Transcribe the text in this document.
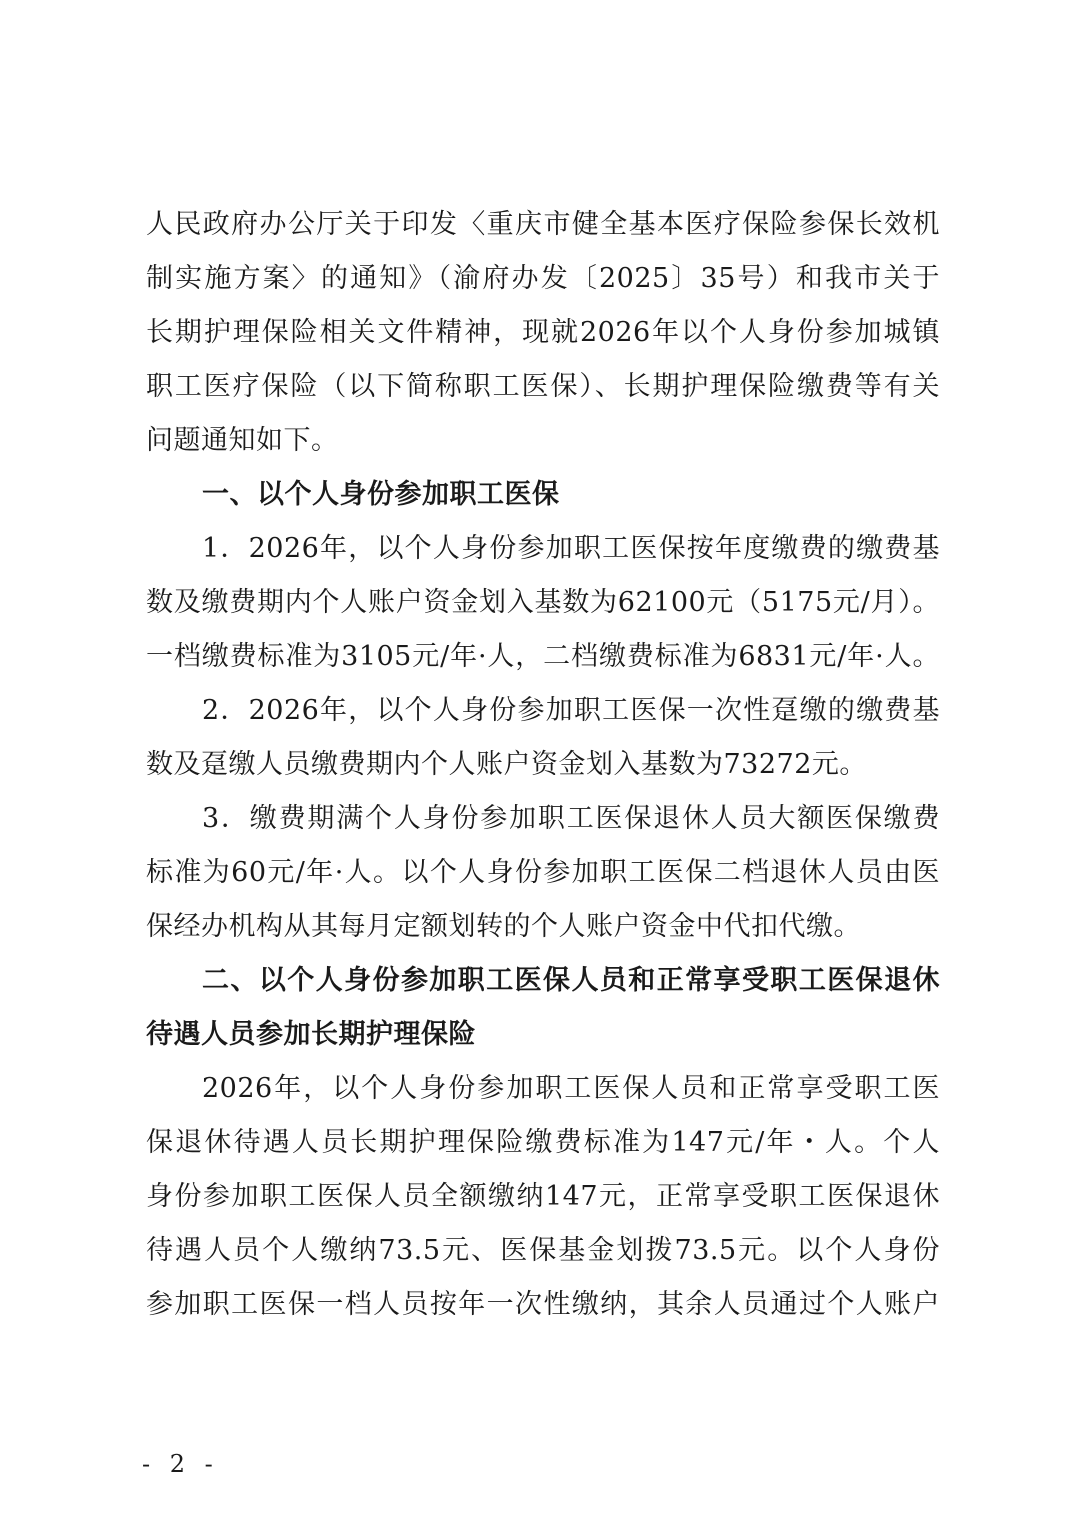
人民政府办公厅关于印发〈重庆市健全基本医疗保险参保长效机
制实施方案〉的通知》（渝府办发〔2025〕35号）和我市关于
长期护理保险相关文件精神，现就2026年以个人身份参加城镇
职工医疗保险（以下简称职工医保）、长期护理保险缴费等有关
问题通知如下。
一、以个人身份参加职工医保
1．2026年，以个人身份参加职工医保按年度缴费的缴费基
数及缴费期内个人账户资金划入基数为62100元（5175元/月）。
一档缴费标准为3105元/年·人，二档缴费标准为6831元/年·人。
2．2026年，以个人身份参加职工医保一次性趸缴的缴费基
数及趸缴人员缴费期内个人账户资金划入基数为73272元。
3．缴费期满个人身份参加职工医保退休人员大额医保缴费
标准为60元/年·人。以个人身份参加职工医保二档退休人员由医
保经办机构从其每月定额划转的个人账户资金中代扣代缴。
二、以个人身份参加职工医保人员和正常享受职工医保退休
待遇人员参加长期护理保险
2026年，以个人身份参加职工医保人员和正常享受职工医
保退休待遇人员长期护理保险缴费标准为147元/年・人。个人
身份参加职工医保人员全额缴纳147元，正常享受职工医保退休
待遇人员个人缴纳73.5元、医保基金划拨73.5元。以个人身份
参加职工医保一档人员按年一次性缴纳，其余人员通过个人账户
- 2 -
